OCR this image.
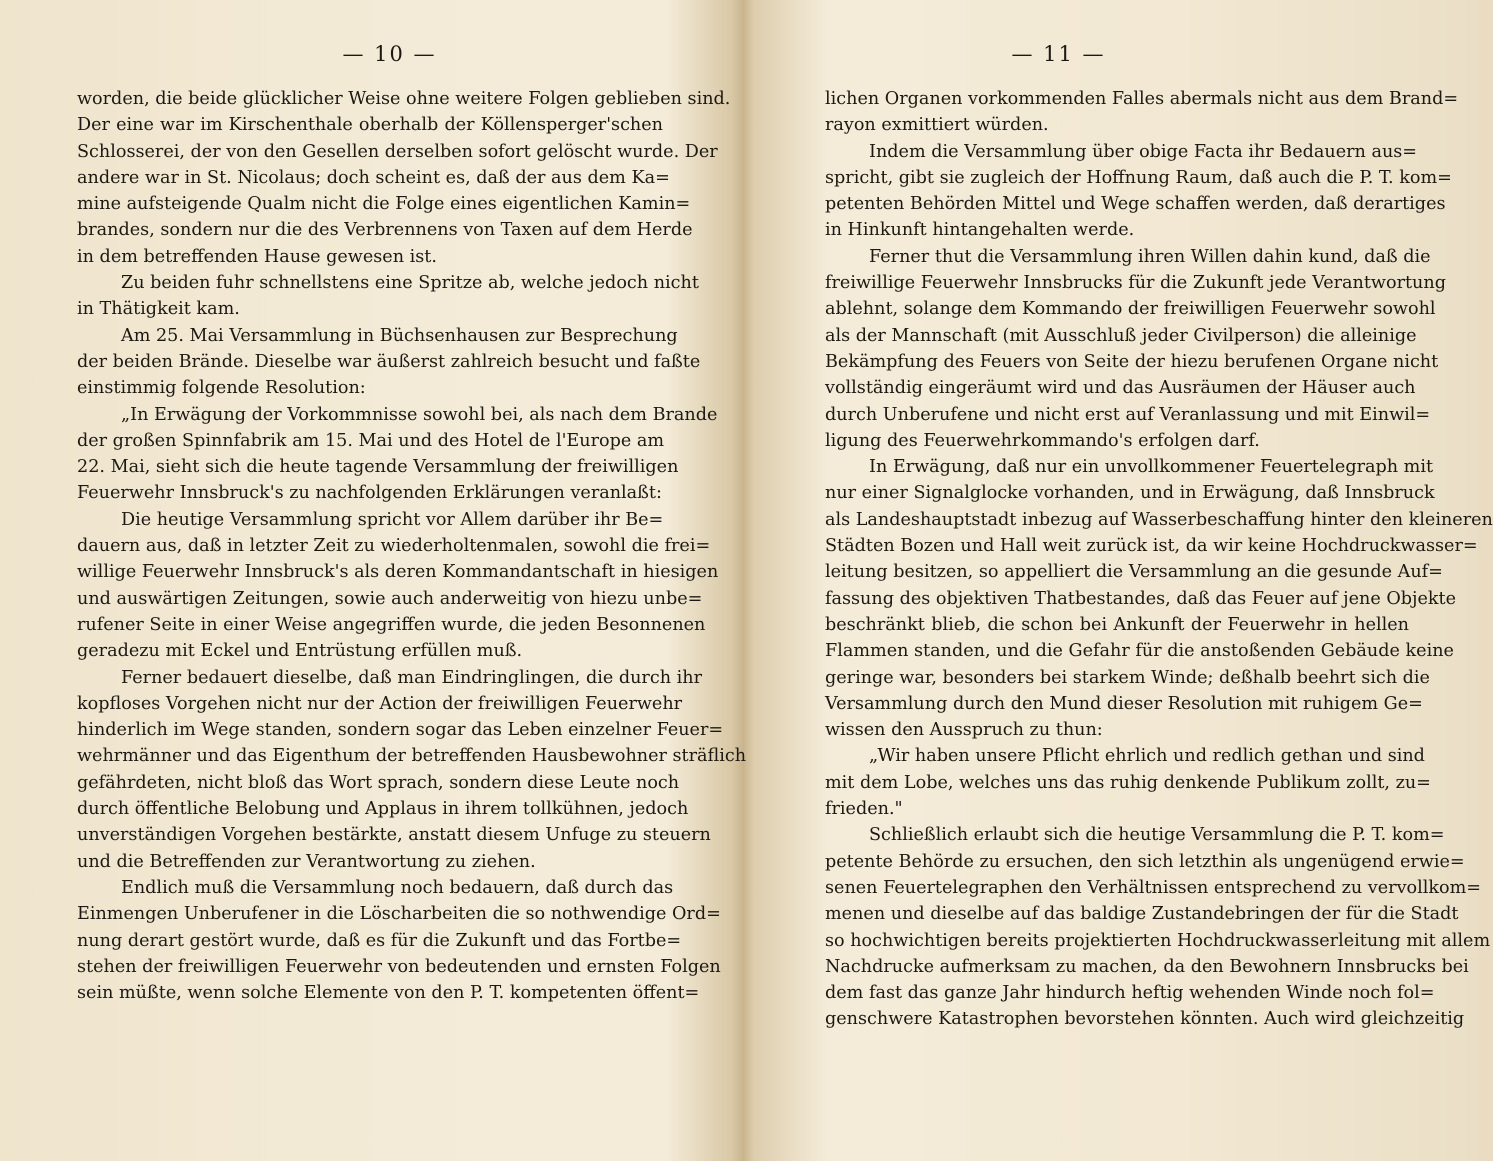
— 10 —
worden, die beide glücklicher Weise ohne weitere Folgen geblieben sind.
Der eine war im Kirschenthale oberhalb der Köllensperger'schen
Schlosserei, der von den Gesellen derselben sofort gelöscht wurde. Der
andere war in St. Nicolaus; doch scheint es, daß der aus dem Ka=
mine aufsteigende Qualm nicht die Folge eines eigentlichen Kamin=
brandes, sondern nur die des Verbrennens von Taxen auf dem Herde
in dem betreffenden Hause gewesen ist.
Zu beiden fuhr schnellstens eine Spritze ab, welche jedoch nicht
in Thätigkeit kam.
Am 25. Mai Versammlung in Büchsenhausen zur Besprechung
der beiden Brände. Dieselbe war äußerst zahlreich besucht und faßte
einstimmig folgende Resolution:
„In Erwägung der Vorkommnisse sowohl bei, als nach dem Brande
der großen Spinnfabrik am 15. Mai und des Hotel de l'Europe am
22. Mai, sieht sich die heute tagende Versammlung der freiwilligen
Feuerwehr Innsbruck's zu nachfolgenden Erklärungen veranlaßt:
Die heutige Versammlung spricht vor Allem darüber ihr Be=
dauern aus, daß in letzter Zeit zu wiederholtenmalen, sowohl die frei=
willige Feuerwehr Innsbruck's als deren Kommandantschaft in hiesigen
und auswärtigen Zeitungen, sowie auch anderweitig von hiezu unbe=
rufener Seite in einer Weise angegriffen wurde, die jeden Besonnenen
geradezu mit Eckel und Entrüstung erfüllen muß.
Ferner bedauert dieselbe, daß man Eindringlingen, die durch ihr
kopfloses Vorgehen nicht nur der Action der freiwilligen Feuerwehr
hinderlich im Wege standen, sondern sogar das Leben einzelner Feuer=
wehrmänner und das Eigenthum der betreffenden Hausbewohner sträflich
gefährdeten, nicht bloß das Wort sprach, sondern diese Leute noch
durch öffentliche Belobung und Applaus in ihrem tollkühnen, jedoch
unverständigen Vorgehen bestärkte, anstatt diesem Unfuge zu steuern
und die Betreffenden zur Verantwortung zu ziehen.
Endlich muß die Versammlung noch bedauern, daß durch das
Einmengen Unberufener in die Löscharbeiten die so nothwendige Ord=
nung derart gestört wurde, daß es für die Zukunft und das Fortbe=
stehen der freiwilligen Feuerwehr von bedeutenden und ernsten Folgen
sein müßte, wenn solche Elemente von den P. T. kompetenten öffent=
— 11 —
lichen Organen vorkommenden Falles abermals nicht aus dem Brand=
rayon exmittiert würden.
Indem die Versammlung über obige Facta ihr Bedauern aus=
spricht, gibt sie zugleich der Hoffnung Raum, daß auch die P. T. kom=
petenten Behörden Mittel und Wege schaffen werden, daß derartiges
in Hinkunft hintangehalten werde.
Ferner thut die Versammlung ihren Willen dahin kund, daß die
freiwillige Feuerwehr Innsbrucks für die Zukunft jede Verantwortung
ablehnt, solange dem Kommando der freiwilligen Feuerwehr sowohl
als der Mannschaft (mit Ausschluß jeder Civilperson) die alleinige
Bekämpfung des Feuers von Seite der hiezu berufenen Organe nicht
vollständig eingeräumt wird und das Ausräumen der Häuser auch
durch Unberufene und nicht erst auf Veranlassung und mit Einwil=
ligung des Feuerwehrkommando's erfolgen darf.
In Erwägung, daß nur ein unvollkommener Feuertelegraph mit
nur einer Signalglocke vorhanden, und in Erwägung, daß Innsbruck
als Landeshauptstadt inbezug auf Wasserbeschaffung hinter den kleineren
Städten Bozen und Hall weit zurück ist, da wir keine Hochdruckwasser=
leitung besitzen, so appelliert die Versammlung an die gesunde Auf=
fassung des objektiven Thatbestandes, daß das Feuer auf jene Objekte
beschränkt blieb, die schon bei Ankunft der Feuerwehr in hellen
Flammen standen, und die Gefahr für die anstoßenden Gebäude keine
geringe war, besonders bei starkem Winde; deßhalb beehrt sich die
Versammlung durch den Mund dieser Resolution mit ruhigem Ge=
wissen den Ausspruch zu thun:
„Wir haben unsere Pflicht ehrlich und redlich gethan und sind
mit dem Lobe, welches uns das ruhig denkende Publikum zollt, zu=
frieden."
Schließlich erlaubt sich die heutige Versammlung die P. T. kom=
petente Behörde zu ersuchen, den sich letzthin als ungenügend erwie=
senen Feuertelegraphen den Verhältnissen entsprechend zu vervollkom=
menen und dieselbe auf das baldige Zustandebringen der für die Stadt
so hochwichtigen bereits projektierten Hochdruckwasserleitung mit allem
Nachdrucke aufmerksam zu machen, da den Bewohnern Innsbrucks bei
dem fast das ganze Jahr hindurch heftig wehenden Winde noch fol=
genschwere Katastrophen bevorstehen könnten. Auch wird gleichzeitig
